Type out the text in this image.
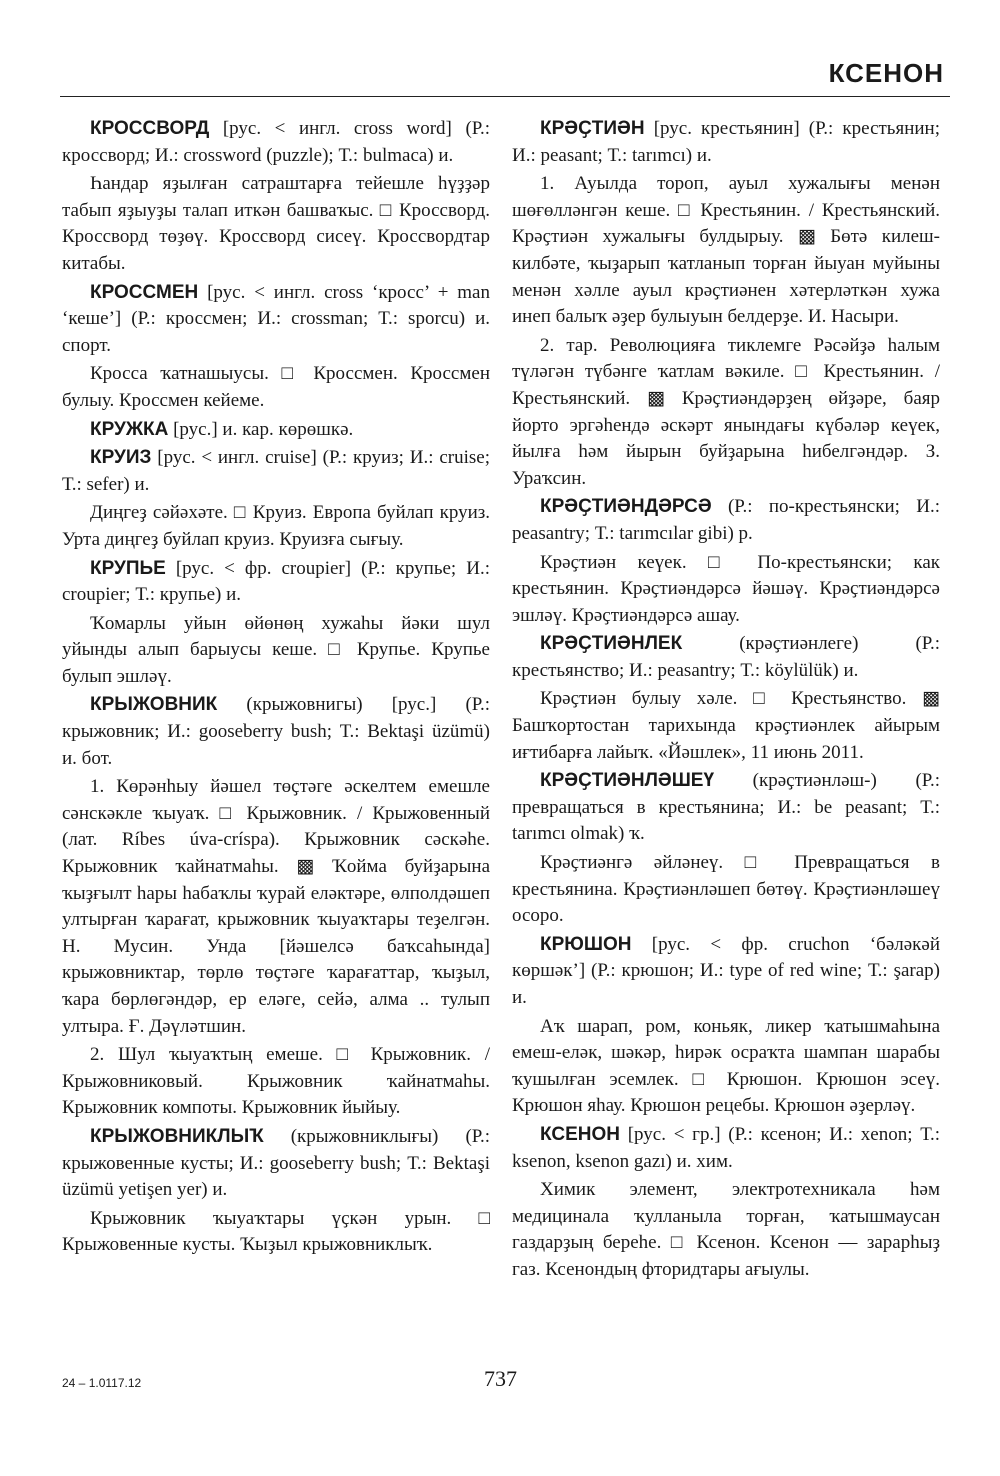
КСЕНОН

КРОССВОРД [рус. < ингл. cross word] (Р.: кроссворд; И.: crossword (puzzle); Т.: bulmaca) и.

Һандар яҙылған сатраштарға тейешле һүҙҙәр табып яҙыуҙы талап иткән башваҡыс. □ Кроссворд. Кроссворд төҙөү. Кроссворд сисеү. Кроссвордтар китабы.

КРОССМЕН [рус. < ингл. cross ‘кросс’ + man ‘кеше’] (Р.: кроссмен; И.: crossman; Т.: sporcu) и. спорт.

Кросса ҡатнашыусы. □ Кроссмен. Кроссмен булыу. Кроссмен кейеме.

КРУЖКА [рус.] и. кар. көрөшкә.

КРУИЗ [рус. < ингл. cruise] (Р.: круиз; И.: cruise; Т.: sefer) и.

Диңгеҙ сәйәхәте. □ Круиз. Европа буйлап круиз. Урта диңгеҙ буйлап круиз. Круизға сығыу.

КРУПЬЕ [рус. < фр. croupier] (Р.: крупье; И.: croupier; Т.: крупье) и.

Ҡомарлы уйын өйөнөң хужаһы йәки шул уйынды алып барыусы кеше. □ Крупье. Крупье булып эшләү.

КРЫЖОВНИК (крыжовнигы) [рус.] (Р.: крыжовник; И.: gooseberry bush; Т.: Bektaşi üzümü) и. бот.

1. Көрәнһыу йәшел төҫтәге әскелтем емешле сәнскәкле ҡыуаҡ. □ Крыжовник. / Крыжовенный (лат. Ríbes úva-críspa). Крыжовник сәскәһе. Крыжовник ҡайнатмаһы. ▩ Ҡойма буйҙарына ҡыҙғылт һары һабаҡлы ҡурай еләктәре, өлполдәшеп ултырған ҡарағат, крыжовник ҡыуаҡтары теҙелгән. Н. Мусин. Унда [йәшелсә баҡсаһында] крыжовниктар, төрлө төҫтәге ҡарағаттар, ҡыҙыл, ҡара бөрлөгәндәр, ер еләге, сейә, алма .. тулып ултыра. Ғ. Дәүләтшин.

2. Шул ҡыуаҡтың емеше. □ Крыжовник. / Крыжовниковый. Крыжовник ҡайнатмаһы. Крыжовник компоты. Крыжовник йыйыу.

КРЫЖОВНИКЛЫҠ (крыжовниклығы) (Р.: крыжовенные кусты; И.: gooseberry bush; Т.: Bektaşi üzümü yetişen yer) и.

Крыжовник ҡыуаҡтары үҫкән урын. □ Крыжовенные кусты. Ҡыҙыл крыжовниклыҡ.

КРӘҪТИӘН [рус. крестьянин] (Р.: крестьянин; И.: peasant; Т.: tarımcı) и.

1. Ауылда тороп, ауыл хужалығы менән шөғөлләнгән кеше. □ Крестьянин. / Крестьянский. Крәҫтиән хужалығы булдырыу. ▩ Бөтә килеш-килбәте, ҡыҙарып ҡатланып торған йыуан муйыны менән хәлле ауыл крәҫтиәнен хәтерләткән хужа инеп балыҡ әҙер булыуын белдерҙе. И. Насыри.

2. тар. Революцияға тиклемге Рәсәйҙә һалым түләгән түбәнге ҡатлам вәкиле. □ Крестьянин. / Крестьянский. ▩ Крәҫтиәндәрҙең өйҙәре, баяр йорто эргәһендә әскәрт янындағы күбәләр кеүек, йылға һәм йырын буйҙарына һибелгәндәр. З. Ураҡсин.

КРӘҪТИӘНДӘРСӘ (Р.: по-крестьянски; И.: peasantry; Т.: tarımcılar gibi) р.

Крәҫтиән кеүек. □ По-крестьянски; как крестьянин. Крәҫтиәндәрсә йәшәү. Крәҫтиәндәрсә эшләү. Крәҫтиәндәрсә ашау.

КРӘҪТИӘНЛЕК (крәҫтиәнлеге) (Р.: крестьянство; И.: peasantry; Т.: köylülük) и.

Крәҫтиән булыу хәле. □ Крестьянство. ▩ Башҡортостан тарихында крәҫтиәнлек айырым иғтибарға лайыҡ. «Йәшлек», 11 июнь 2011.

КРӘҪТИӘНЛӘШЕҮ (крәҫтиәнләш-) (Р.: превращаться в крестьянина; И.: be peasant; Т.: tarımcı olmak) ҡ.

Крәҫтиәнгә әйләнеү. □ Превращаться в крестьянина. Крәҫтиәнләшеп бөтөү. Крәҫтиәнләшеү осоро.

КРЮШОН [рус. < фр. cruchon ‘бәләкәй көршәк’] (Р.: крюшон; И.: type of red wine; Т.: şarap) и.

Аҡ шарап, ром, коньяк, ликер ҡатышмаһына емеш-еләк, шәкәр, һирәк осраҡта шампан шарабы ҡушылған эсемлек. □ Крюшон. Крюшон эсеү. Крюшон яһау. Крюшон рецебы. Крюшон әҙерләү.

КСЕНОН [рус. < гр.] (Р.: ксенон; И.: xenon; Т.: ksenon, ksenon gazı) и. хим.

Химик элемент, электротехникала һәм медицинала ҡулланыла торған, ҡатышмаусан газдарҙың береһе. □ Ксенон. Ксенон — зарарһыҙ газ. Ксенондың фторидтары ағыулы.

24 – 1.0117.12	737
